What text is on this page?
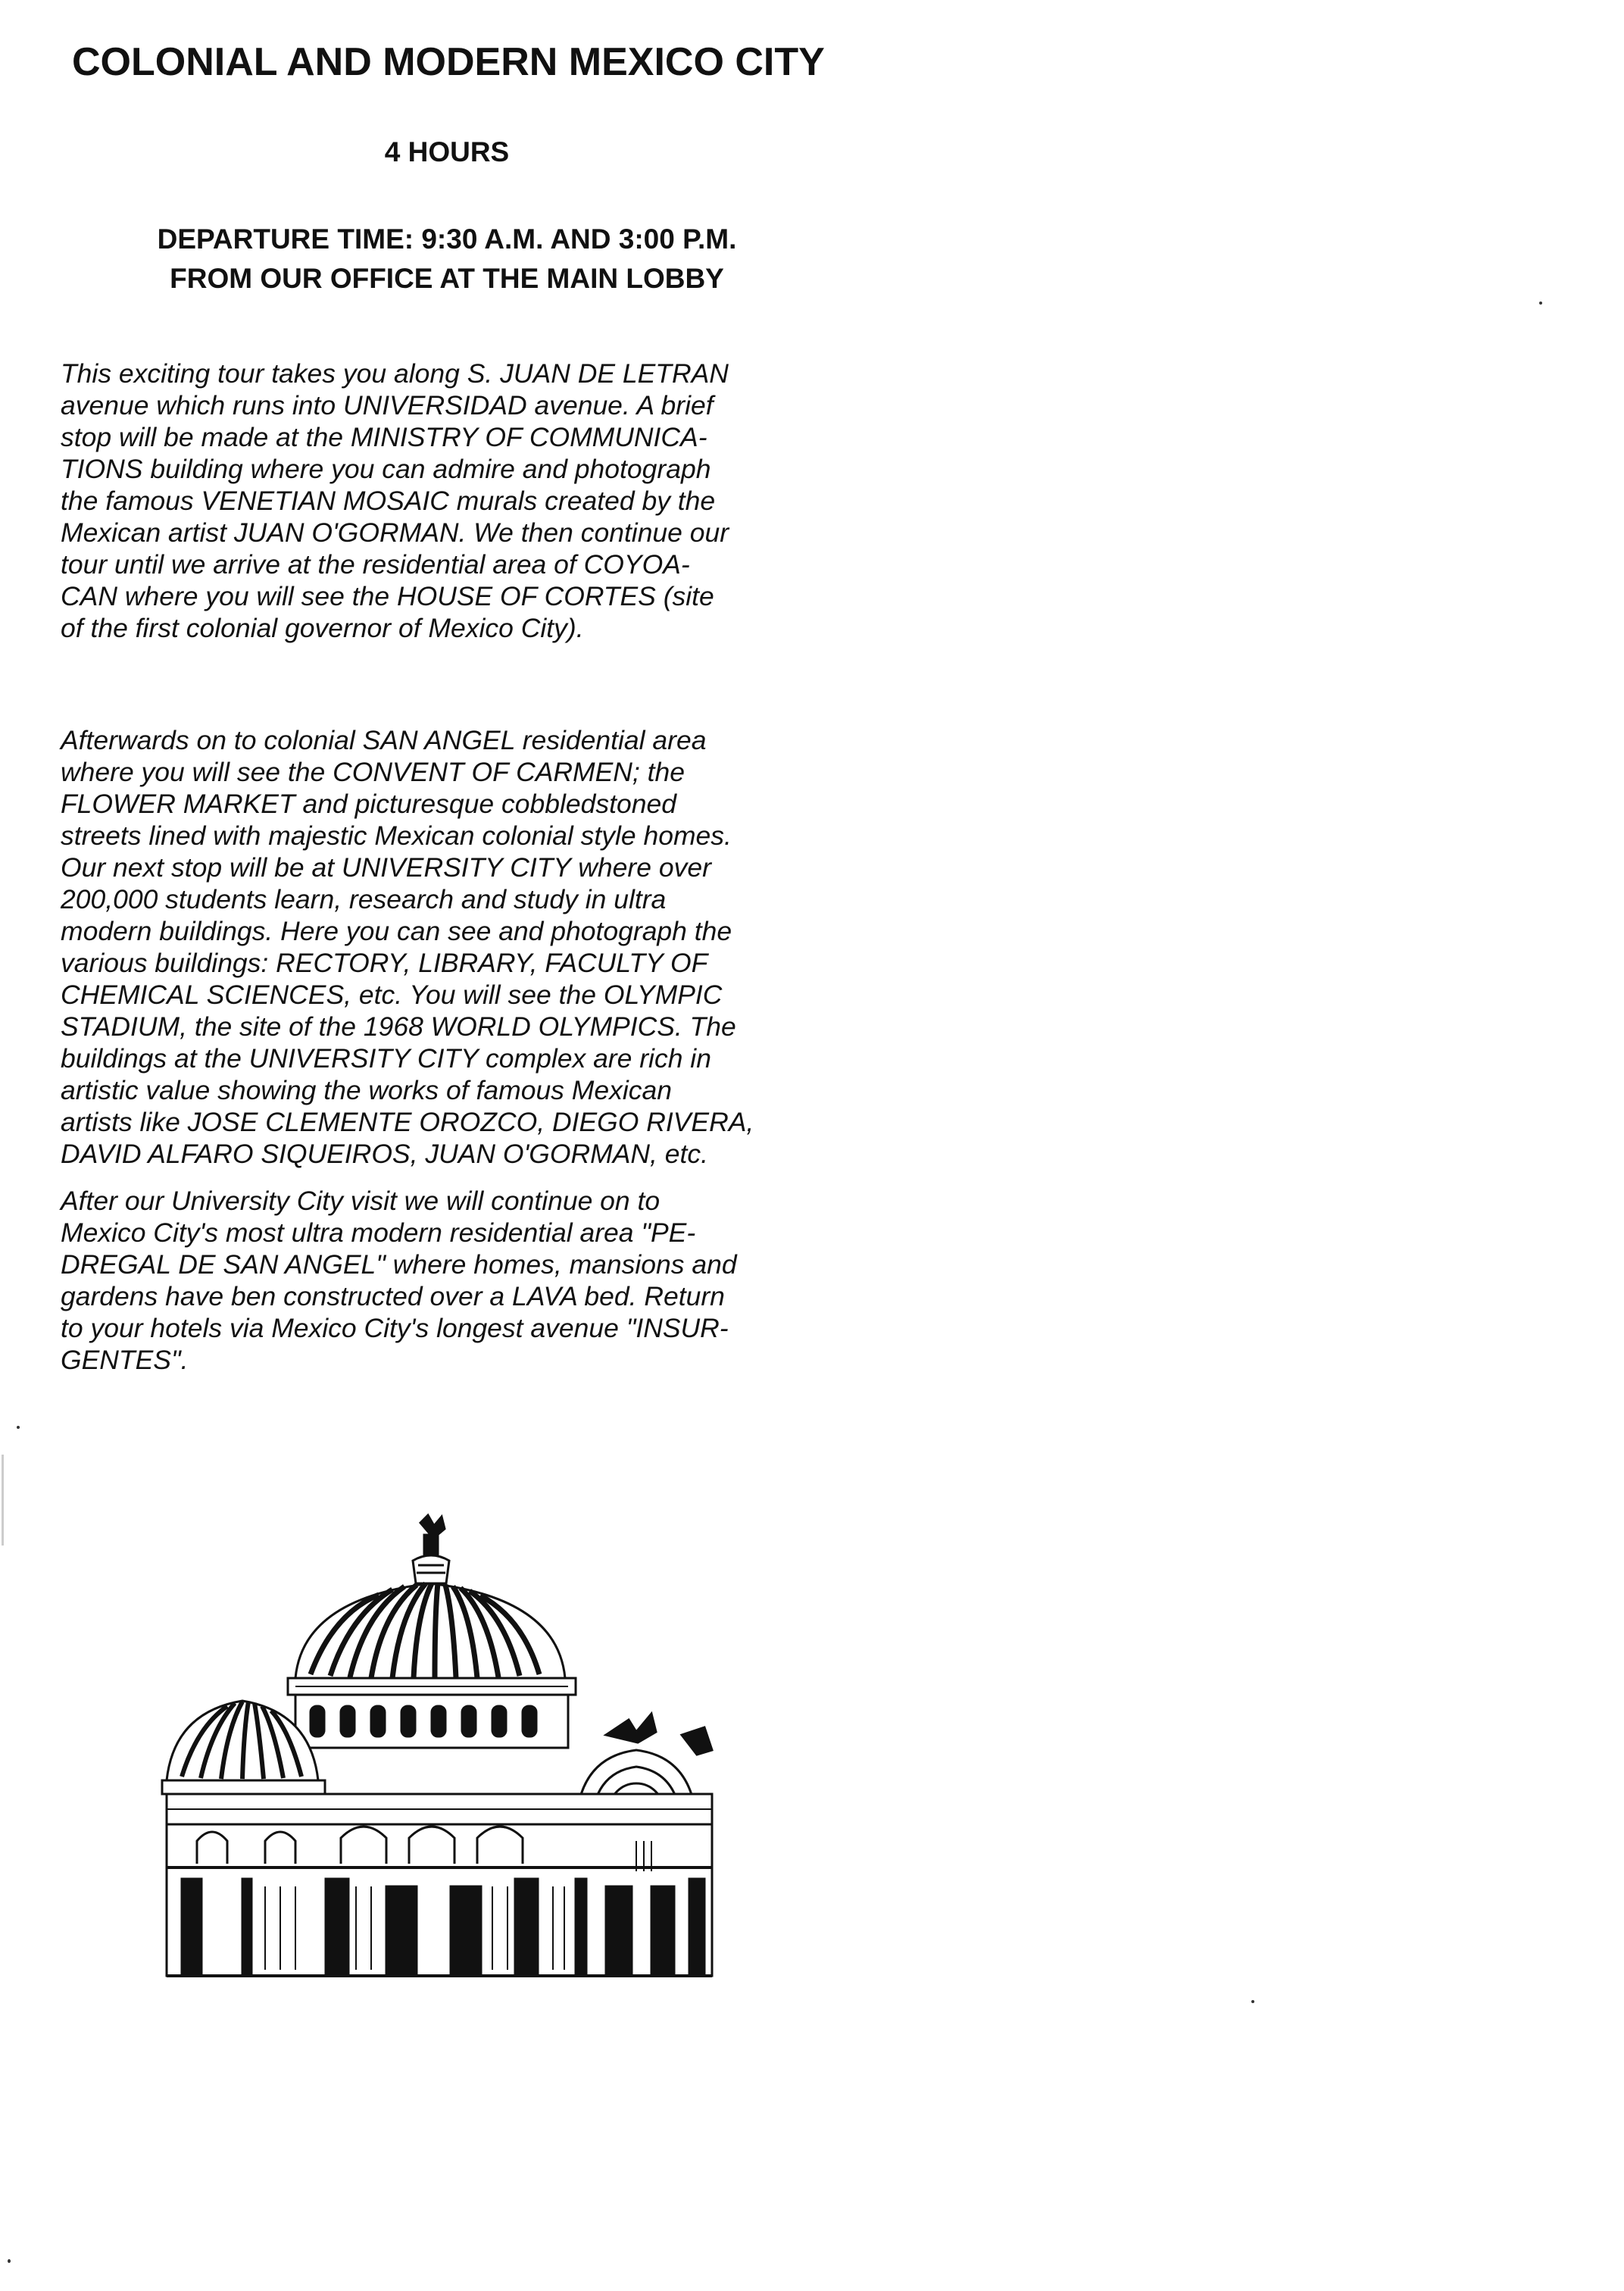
COLONIAL AND MODERN MEXICO CITY
4 HOURS
DEPARTURE TIME: 9:30 A.M. AND 3:00 P.M.
FROM OUR OFFICE AT THE MAIN LOBBY
This exciting tour takes you along S. JUAN DE LETRAN
avenue which runs into UNIVERSIDAD avenue. A brief
stop will be made at the MINISTRY OF COMMUNICA-
TIONS building where you can admire and photograph
the famous VENETIAN MOSAIC murals created by the
Mexican artist JUAN O'GORMAN. We then continue our
tour until we arrive at the residential area of COYOA-
CAN where you will see the HOUSE OF CORTES (site
of the first colonial governor of Mexico City).
Afterwards on to colonial SAN ANGEL residential area
where you will see the CONVENT OF CARMEN; the
FLOWER MARKET and picturesque cobbledstoned
streets lined with majestic Mexican colonial style homes.
Our next stop will be at UNIVERSITY CITY where over
200,000 students learn, research and study in ultra
modern buildings. Here you can see and photograph the
various buildings: RECTORY, LIBRARY, FACULTY OF
CHEMICAL SCIENCES, etc. You will see the OLYMPIC
STADIUM, the site of the 1968 WORLD OLYMPICS. The
buildings at the UNIVERSITY CITY complex are rich in
artistic value showing the works of famous Mexican
artists like JOSE CLEMENTE OROZCO, DIEGO RIVERA,
DAVID ALFARO SIQUEIROS, JUAN O'GORMAN, etc.
After our University City visit we will continue on to
Mexico City's most ultra modern residential area "PE-
DREGAL DE SAN ANGEL" where homes, mansions and
gardens have ben constructed over a LAVA bed. Return
to your hotels via Mexico City's longest avenue "INSUR-
GENTES".
